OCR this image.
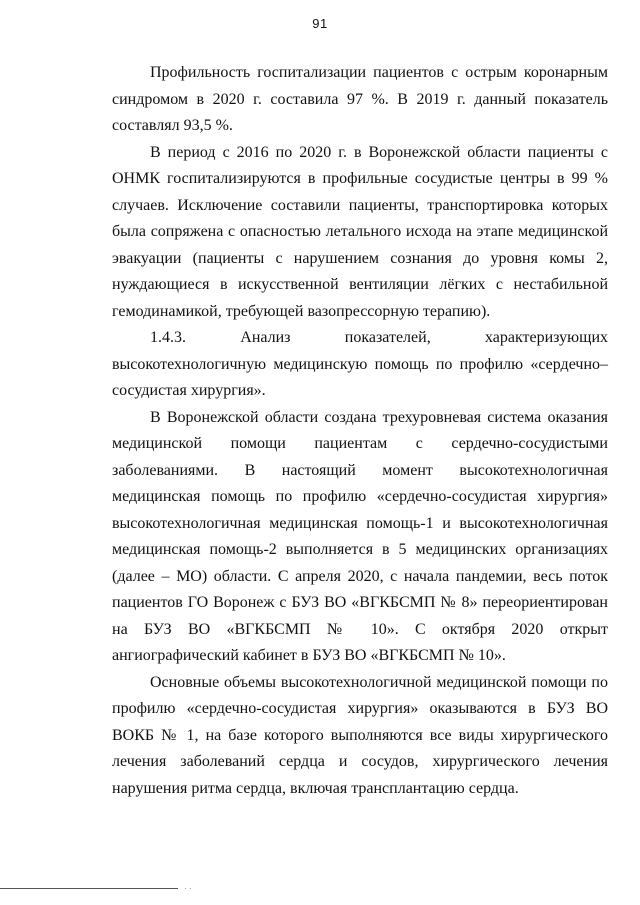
91

Профильность госпитализации пациентов с острым коронарным синдромом в 2020 г. составила 97 %. В 2019 г. данный показатель составлял 93,5 %.

В период с 2016 по 2020 г. в Воронежской области пациенты с ОНМК госпитализируются в профильные сосудистые центры в 99 % случаев. Исключение составили пациенты, транспортировка которых была сопряжена с опасностью летального исхода на этапе медицинской эвакуации (пациенты с нарушением сознания до уровня комы 2, нуждающиеся в искусственной вентиляции лёгких с нестабильной гемодинамикой, требующей вазопрессорную терапию).

1.4.3. Анализ показателей, характеризующих высокотехнологичную медицинскую помощь по профилю «сердечно–сосудистая хирургия».

В Воронежской области создана трехуровневая система оказания медицинской помощи пациентам с сердечно-сосудистыми заболеваниями. В настоящий момент высокотехнологичная медицинская помощь по профилю «сердечно-сосудистая хирургия» высокотехнологичная медицинская помощь-1 и высокотехнологичная медицинская помощь-2 выполняется в 5 медицинских организациях (далее – МО) области. С апреля 2020, с начала пандемии, весь поток пациентов ГО Воронеж с БУЗ ВО «ВГКБСМП № 8» переориентирован на БУЗ ВО «ВГКБСМП № 10». С октября 2020 открыт ангиографический кабинет в БУЗ ВО «ВГКБСМП № 10».

Основные объемы высокотехнологичной медицинской помощи по профилю «сердечно-сосудистая хирургия» оказываются в БУЗ ВО ВОКБ № 1, на базе которого выполняются все виды хирургического лечения заболеваний сердца и сосудов, хирургического лечения нарушения ритма сердца, включая трансплантацию сердца.

· ·
